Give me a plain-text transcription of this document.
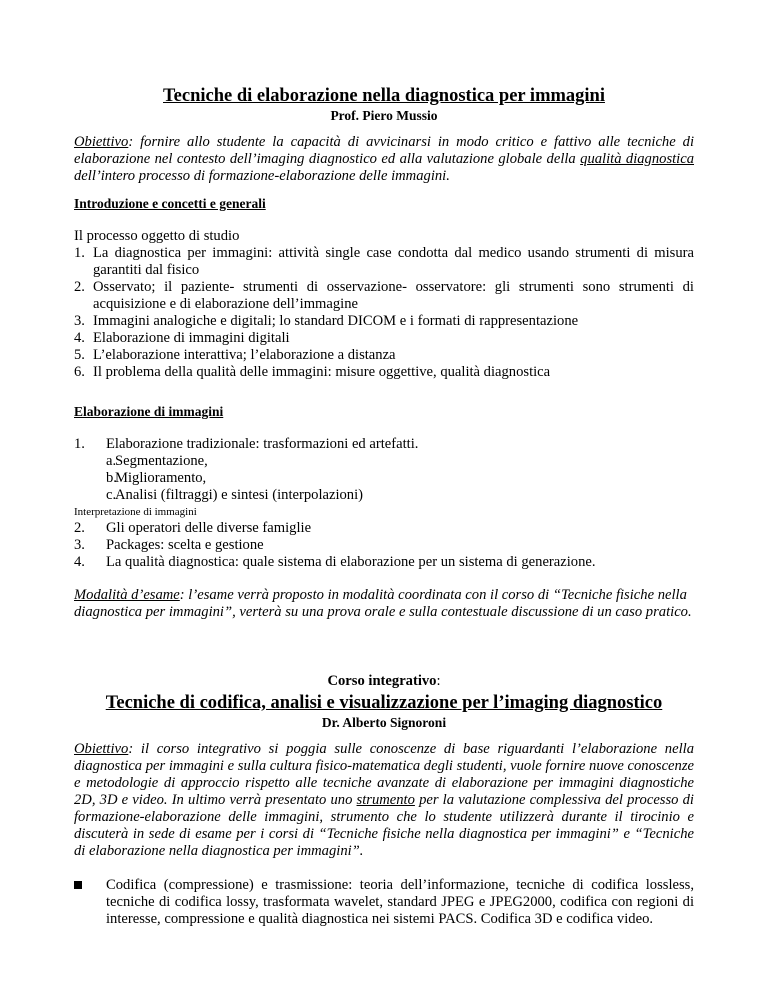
Tecniche di elaborazione nella diagnostica per immagini

Prof. Piero Mussio

Obiettivo: fornire allo studente la capacità di avvicinarsi in modo critico e fattivo alle tecniche di elaborazione nel contesto dell’imaging diagnostico ed alla valutazione globale della qualità diagnostica dell’intero processo di formazione-elaborazione delle immagini.

Introduzione e concetti e generali

Il processo oggetto di studio

1. La diagnostica per immagini: attività single case condotta dal medico usando strumenti di misura garantiti dal fisico
2. Osservato; il paziente- strumenti di osservazione- osservatore: gli strumenti sono strumenti di acquisizione e di elaborazione dell’immagine
3. Immagini analogiche e digitali; lo standard DICOM e i formati di rappresentazione
4. Elaborazione di immagini digitali
5. L’elaborazione interattiva; l’elaborazione a distanza
6. Il problema della qualità delle immagini: misure oggettive, qualità diagnostica

Elaborazione di immagini

1. Elaborazione tradizionale: trasformazioni ed artefatti.
a.
Segmentazione,
b.
Miglioramento,
c.
Analisi (filtraggi) e sintesi (interpolazioni)

Interpretazione di immagini

2. Gli operatori delle diverse famiglie
3. Packages: scelta e gestione
4. La qualità diagnostica: quale sistema di elaborazione per un sistema di generazione.

Modalità d’esame: l’esame verrà proposto in modalità coordinata con il corso di “Tecniche fisiche nella diagnostica per immagini”, verterà su una prova orale e sulla contestuale discussione di un caso pratico.

Corso integrativo:

Tecniche di codifica, analisi e visualizzazione per l’imaging diagnostico

Dr. Alberto Signoroni

Obiettivo: il corso integrativo si poggia sulle conoscenze di base riguardanti l’elaborazione nella diagnostica per immagini e sulla cultura fisico-matematica degli studenti, vuole fornire nuove conoscenze e metodologie di approccio rispetto alle tecniche avanzate di elaborazione per immagini diagnostiche 2D, 3D e video. In ultimo verrà presentato uno strumento per la valutazione complessiva del processo di formazione-elaborazione delle immagini, strumento che lo studente utilizzerà durante il tirocinio e discuterà in sede di esame per i corsi di “Tecniche fisiche nella diagnostica per immagini” e “Tecniche di elaborazione nella diagnostica per immagini”.

Codifica (compressione) e trasmissione: teoria dell’informazione, tecniche di codifica lossless, tecniche di codifica lossy, trasformata wavelet, standard JPEG e JPEG2000, codifica con regioni di interesse, compressione e qualità diagnostica nei sistemi PACS. Codifica 3D e codifica video.
